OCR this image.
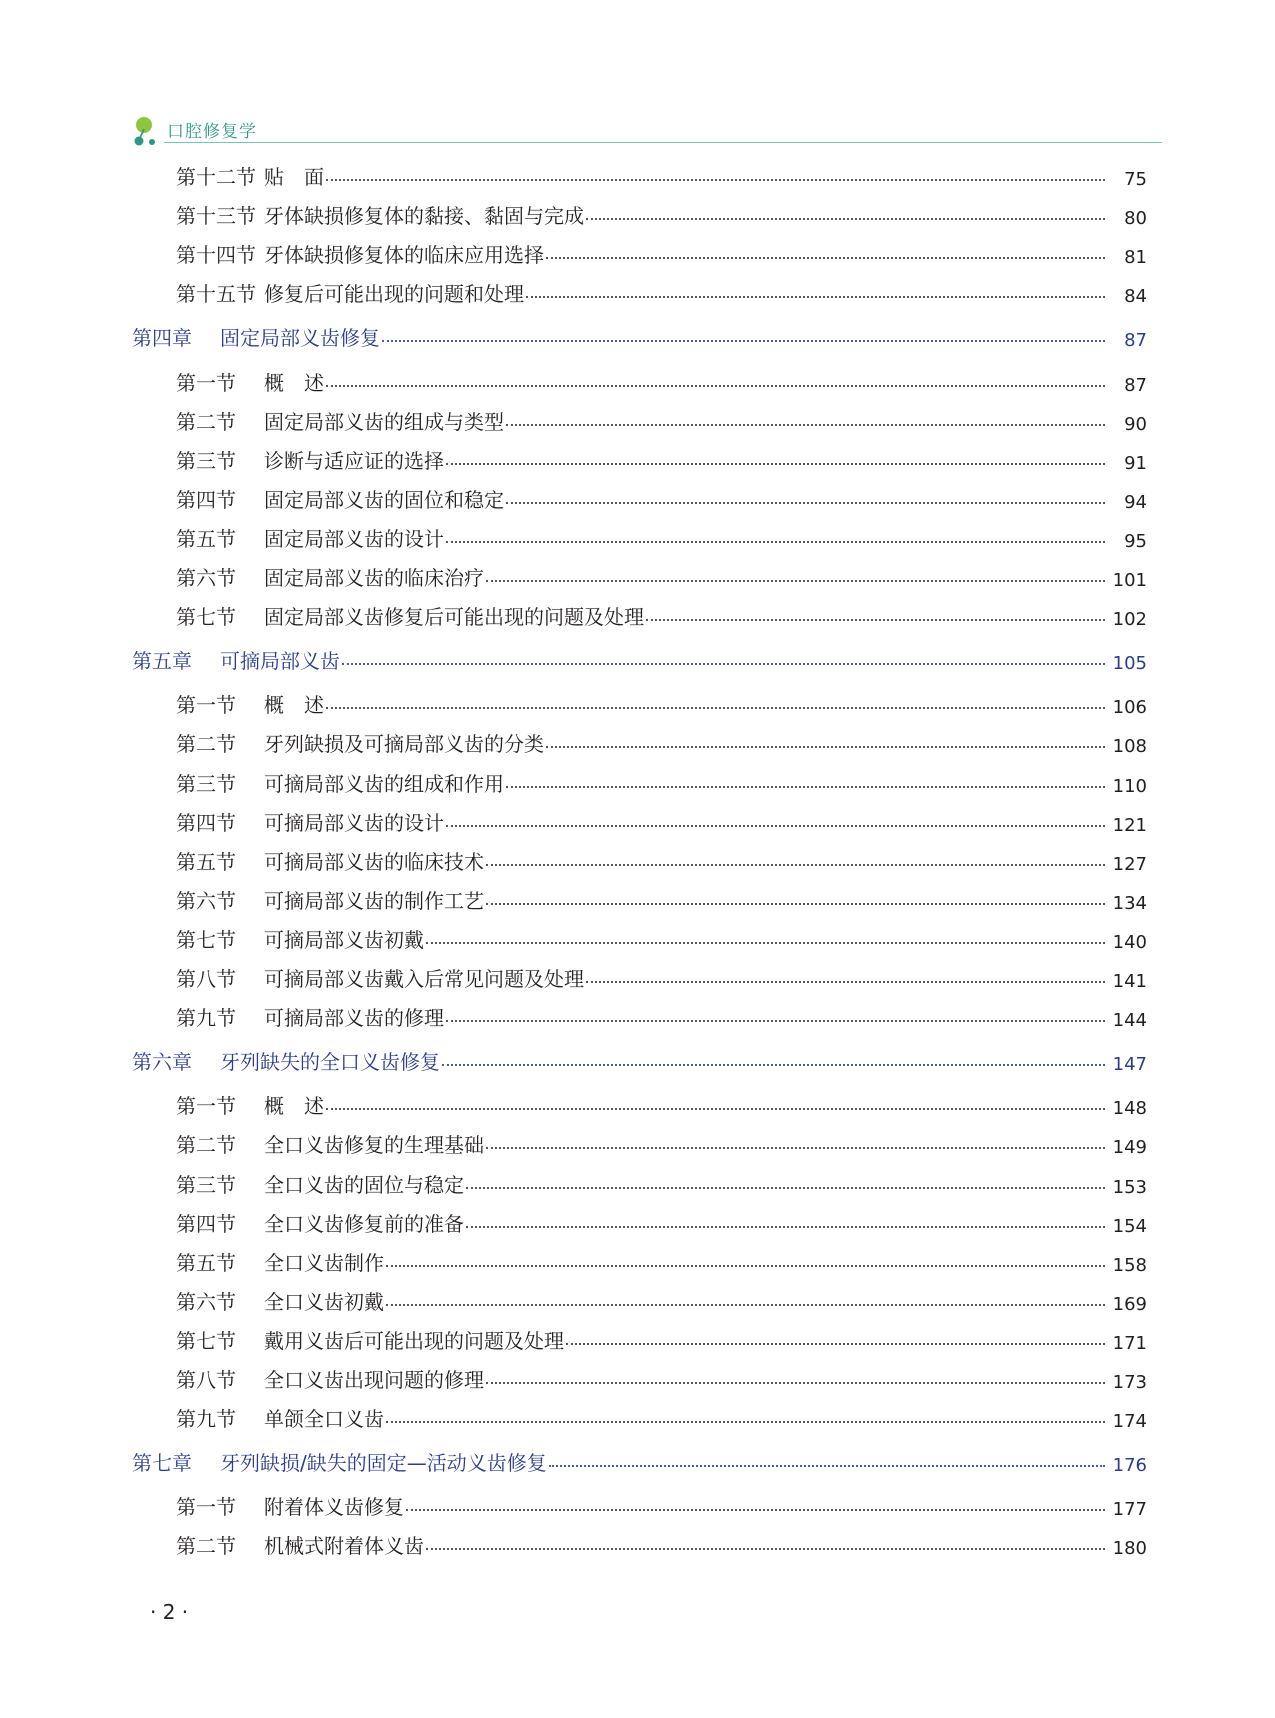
口腔修复学
第十二节 贴　面	75
第十三节 牙体缺损修复体的黏接、黏固与完成	80
第十四节 牙体缺损修复体的临床应用选择	81
第十五节 修复后可能出现的问题和处理	84
第四章	固定局部义齿修复	87
第一节	概　述	87
第二节	固定局部义齿的组成与类型	90
第三节	诊断与适应证的选择	91
第四节	固定局部义齿的固位和稳定	94
第五节	固定局部义齿的设计	95
第六节	固定局部义齿的临床治疗	101
第七节	固定局部义齿修复后可能出现的问题及处理	102
第五章	可摘局部义齿	105
第一节	概　述	106
第二节	牙列缺损及可摘局部义齿的分类	108
第三节	可摘局部义齿的组成和作用	110
第四节	可摘局部义齿的设计	121
第五节	可摘局部义齿的临床技术	127
第六节	可摘局部义齿的制作工艺	134
第七节	可摘局部义齿初戴	140
第八节	可摘局部义齿戴入后常见问题及处理	141
第九节	可摘局部义齿的修理	144
第六章	牙列缺失的全口义齿修复	147
第一节	概　述	148
第二节	全口义齿修复的生理基础	149
第三节	全口义齿的固位与稳定	153
第四节	全口义齿修复前的准备	154
第五节	全口义齿制作	158
第六节	全口义齿初戴	169
第七节	戴用义齿后可能出现的问题及处理	171
第八节	全口义齿出现问题的修理	173
第九节	单颌全口义齿	174
第七章	牙列缺损/缺失的固定—活动义齿修复	176
第一节	附着体义齿修复	177
第二节	机械式附着体义齿	180
· 2 ·
